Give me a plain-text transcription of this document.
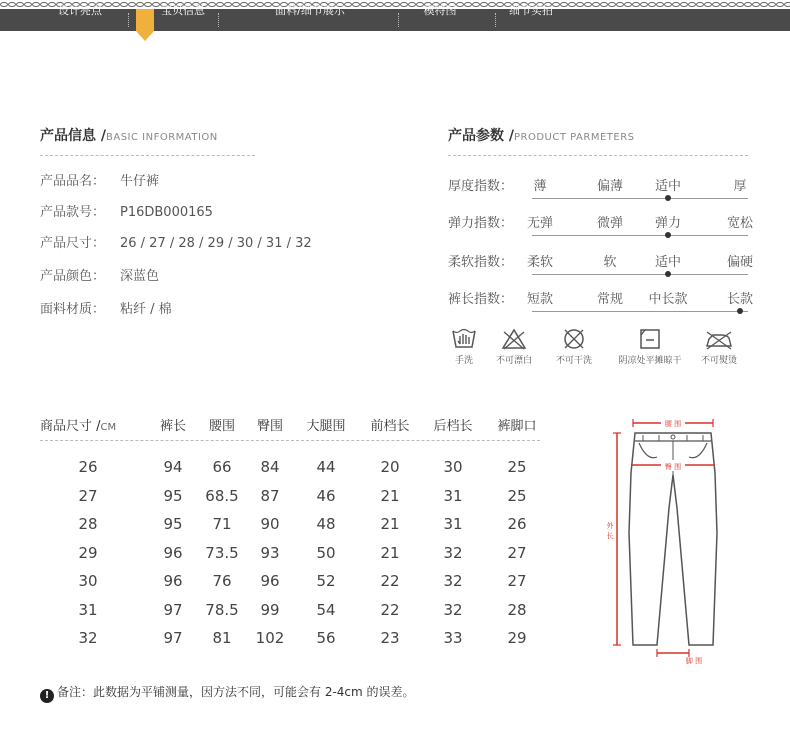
设计亮点	宝贝信息	面料/细节展示	模特图	细节实拍
产品信息 /BASIC INFORMATION
产品品名： 牛仔裤
产品款号： P16DB000165
产品尺寸： 26 / 27 / 28 / 29 / 30 / 31 / 32
产品颜色： 深蓝色
面料材质： 粘纤 / 棉
产品参数 /PRODUCT PARMETERS
厚度指数：	薄	偏薄	适中	厚
弹力指数：	无弹	微弹	弹力	宽松
柔软指数：	柔软	软	适中	偏硬
裤长指数：	短款	常规	中长款	长款
手洗	不可漂白	不可干洗	阴凉处平摊晾干	不可熨烫
商品尺寸 /CM	裤长	腰围	臀围	大腿围	前档长	后档长	裤脚口
26	94	66	84	44	20	30	25
27	95	68.5	87	46	21	31	25
28	95	71	90	48	21	31	26
29	96	73.5	93	50	21	32	27
30	96	76	96	52	22	32	27
31	97	78.5	99	54	22	32	28
32	97	81	102	56	23	33	29
腰 围
臀 围
外长
脚 围
! 备注：此数据为平铺测量，因方法不同，可能会有 2-4cm 的误差。
